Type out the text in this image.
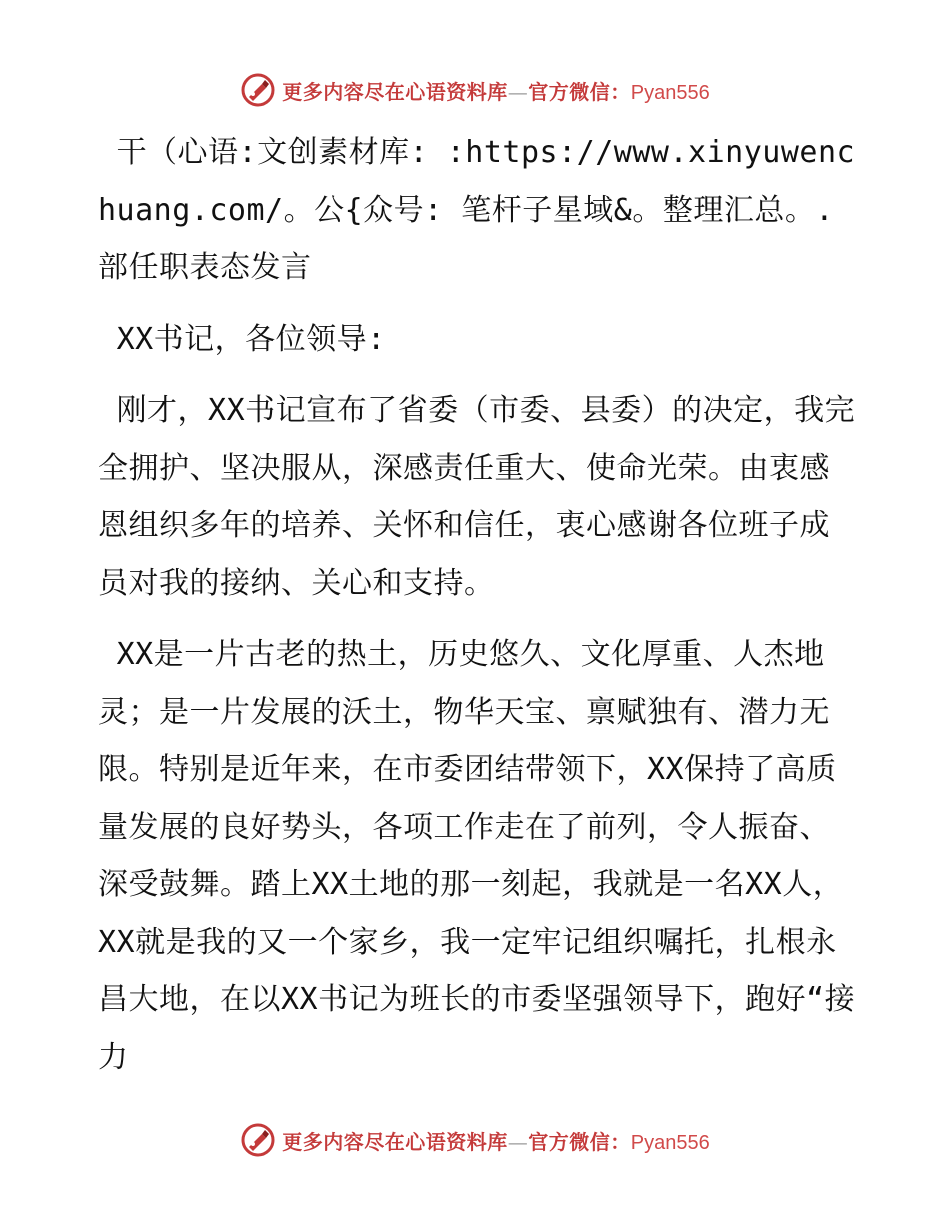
更多内容尽在心语资料库—官方微信：Pyan556

干（心语:文创素材库: :https://www.xinyuwenchuang.com/。公{众号: 笔杆子星域&。整理汇总。.部任职表态发言

XX书记，各位领导:

刚才，XX书记宣布了省委（市委、县委）的决定，我完全拥护、坚决服从，深感责任重大、使命光荣。由衷感恩组织多年的培养、关怀和信任，衷心感谢各位班子成员对我的接纳、关心和支持。

XX是一片古老的热土，历史悠久、文化厚重、人杰地灵；是一片发展的沃土，物华天宝、禀赋独有、潜力无限。特别是近年来，在市委团结带领下，XX保持了高质量发展的良好势头，各项工作走在了前列，令人振奋、深受鼓舞。踏上XX土地的那一刻起，我就是一名XX人，XX就是我的又一个家乡，我一定牢记组织嘱托，扎根永昌大地，在以XX书记为班长的市委坚强领导下，跑好“接力

更多内容尽在心语资料库—官方微信：Pyan556
